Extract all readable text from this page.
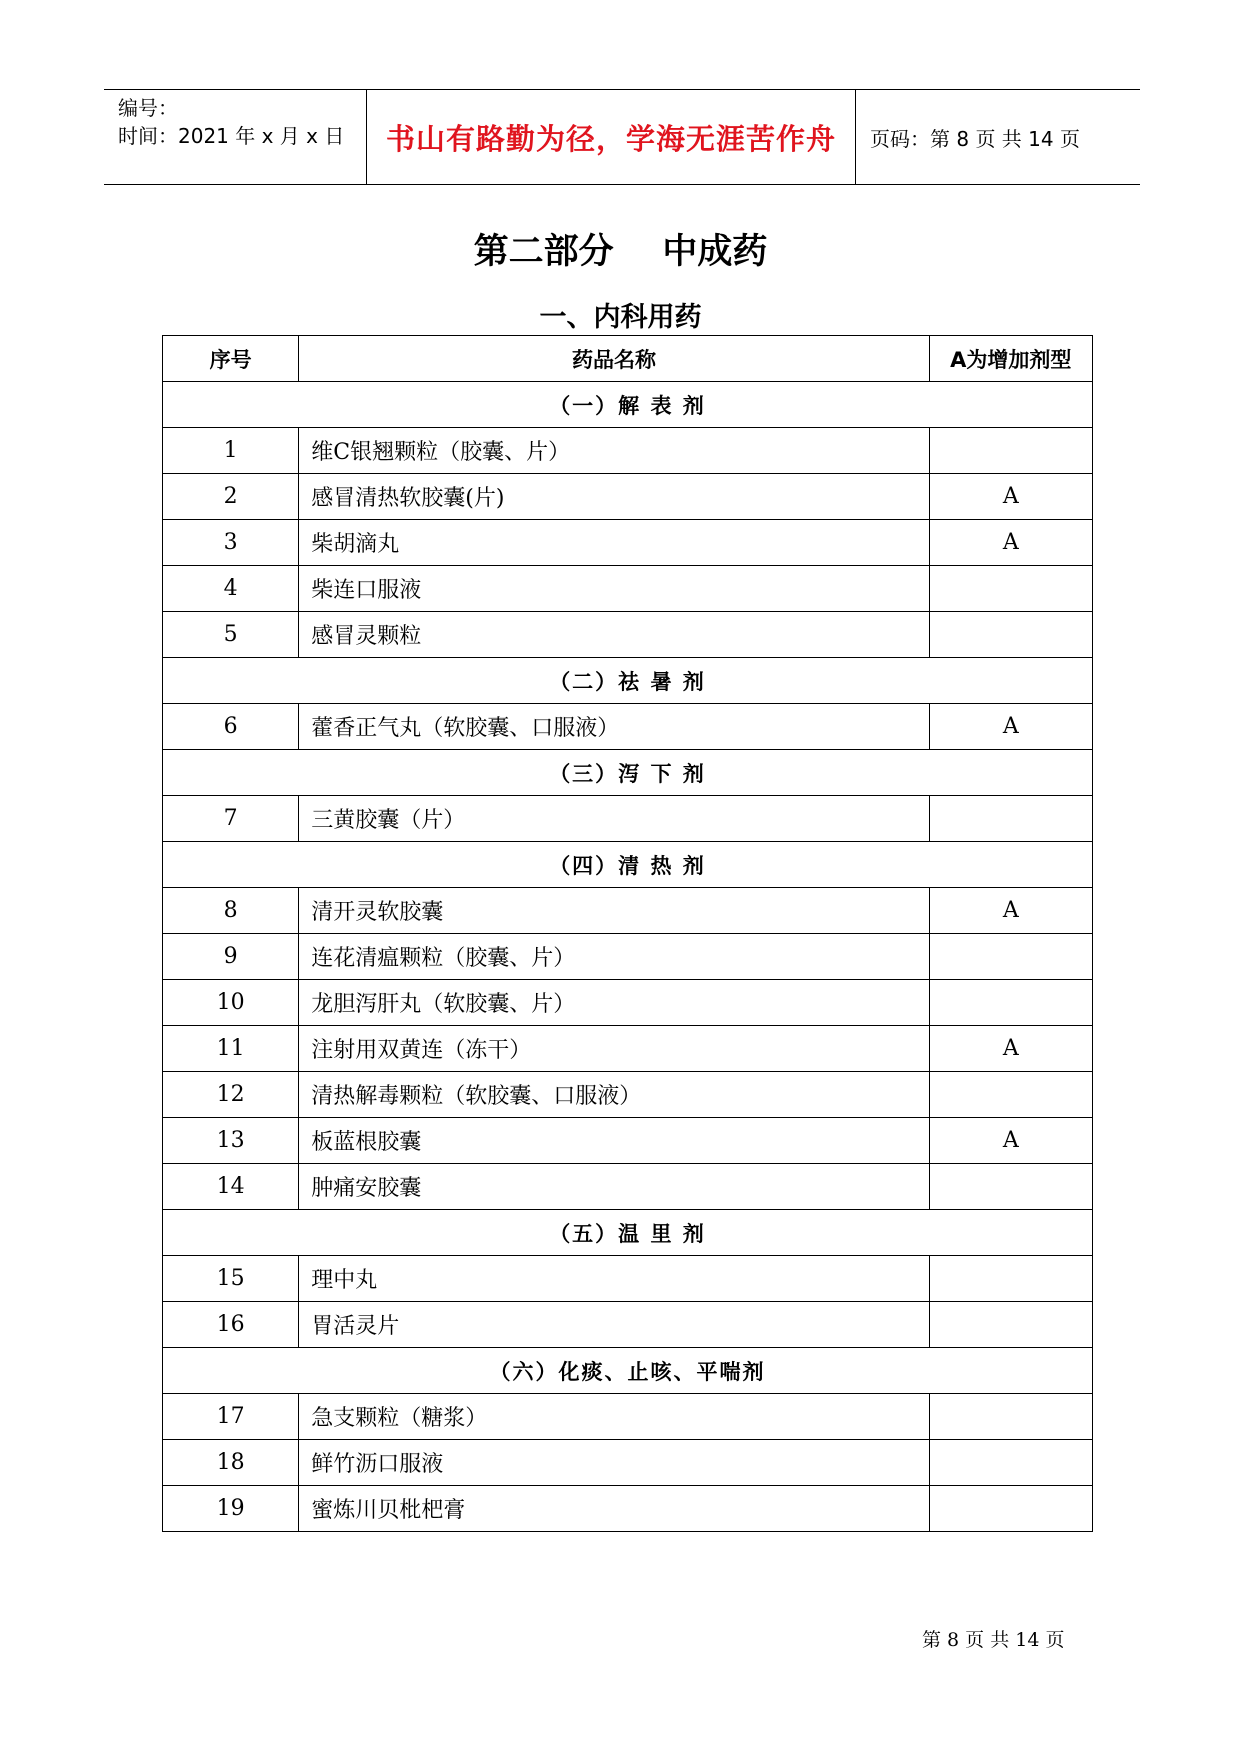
编号：
时间：2021 年 x 月 x 日 书山有路勤为径，学海无涯苦作舟 页码：第 8 页 共 14 页
第二部分    中成药
一、内科用药
序号	药品名称	A为增加剂型
（一）解 表 剂		
1	维C银翘颗粒（胶囊、片）	
2	感冒清热软胶囊(片)	A
3	柴胡滴丸	A
4	柴连口服液	
5	感冒灵颗粒	
（二）祛 暑 剂		
6	藿香正气丸（软胶囊、口服液）	A
（三）泻 下 剂		
7	三黄胶囊（片）	
（四）清 热 剂		
8	清开灵软胶囊	A
9	连花清瘟颗粒（胶囊、片）	
10	龙胆泻肝丸（软胶囊、片）	
11	注射用双黄连（冻干）	A
12	清热解毒颗粒（软胶囊、口服液）	
13	板蓝根胶囊	A
14	肿痛安胶囊	
（五）温 里 剂		
15	理中丸	
16	胃活灵片	
（六）化痰、止咳、平喘剂		
17	急支颗粒（糖浆）	
18	鲜竹沥口服液	
19	蜜炼川贝枇杷膏	
第 8 页 共 14 页
